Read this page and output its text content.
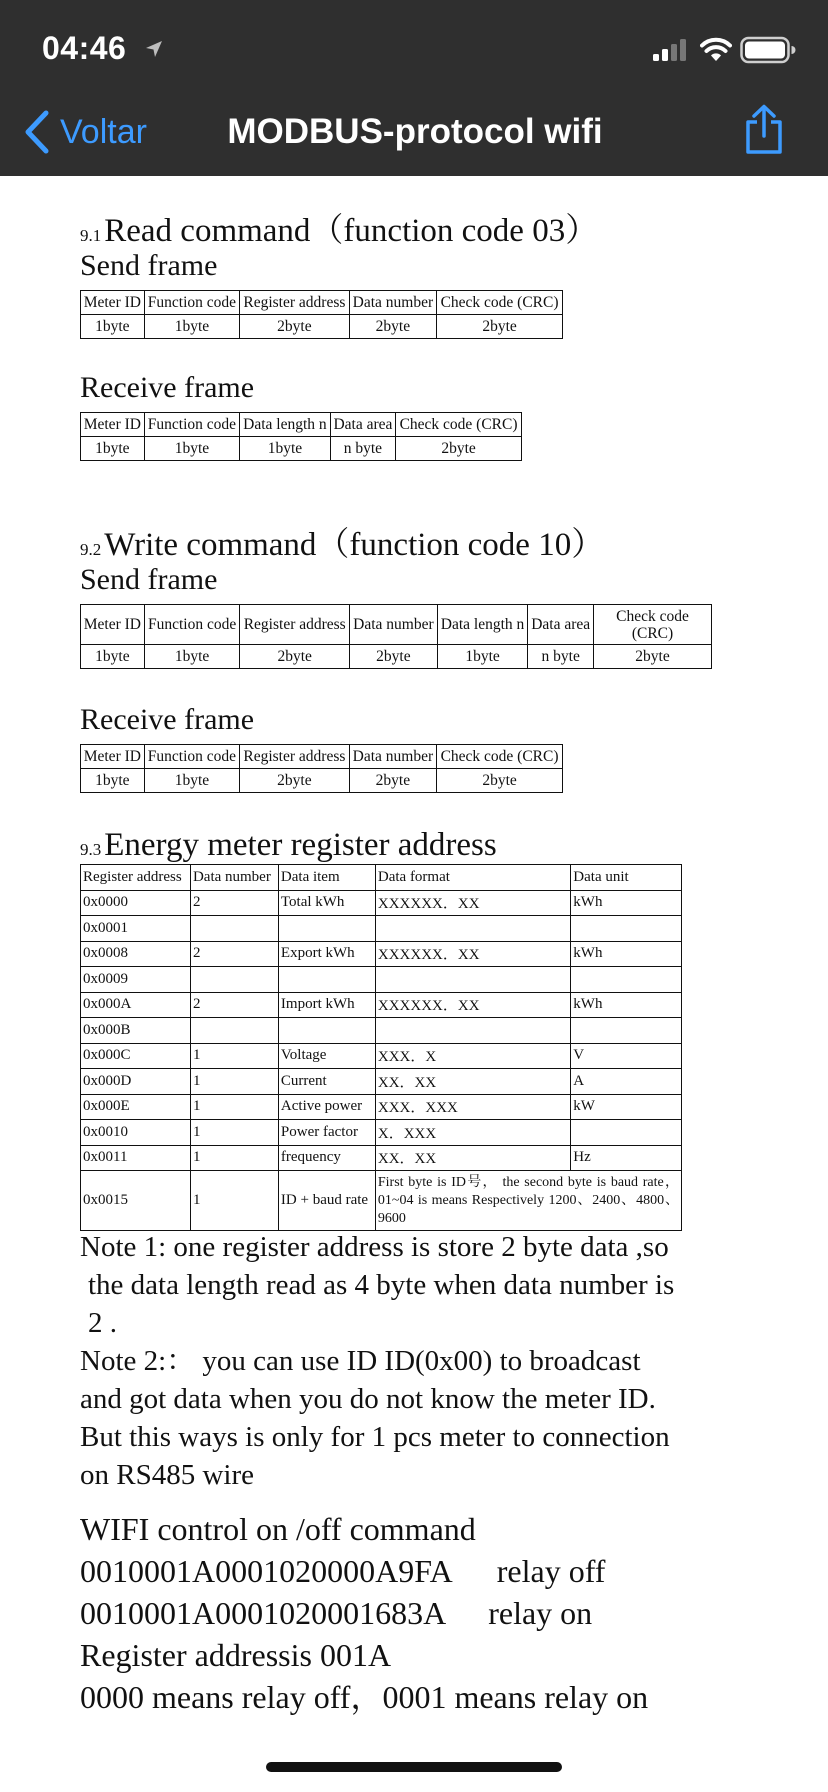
04:46
Voltar	MODBUS-protocol wifi
9.1Read command（function code 03）
Send frame
Meter ID	Function code	Register address	Data number	Check code (CRC)
1byte	1byte	2byte	2byte	2byte
Receive frame
Meter ID	Function code	Data length n	Data area	Check code (CRC)
1byte	1byte	1byte	n byte	2byte
9.2Write command（function code 10）
Send frame
Meter ID	Function code	Register address	Data number	Data length n	Data area	Check code (CRC)
1byte	1byte	2byte	2byte	1byte	n byte	2byte
Receive frame
Meter ID	Function code	Register address	Data number	Check code (CRC)
1byte	1byte	2byte	2byte	2byte
9.3Energy meter register address
Register address	Data number	Data item	Data format	Data unit
0x0000	2	Total kWh	XXXXXX．XX	kWh
0x0001				
0x0008	2	Export kWh	XXXXXX．XX	kWh
0x0009				
0x000A	2	Import kWh	XXXXXX．XX	kWh
0x000B				
0x000C	1	Voltage	XXX．X	V
0x000D	1	Current	XX．XX	A
0x000E	1	Active power	XXX．XXX	kW
0x0010	1	Power factor	X．XXX	
0x0011	1	frequency	XX．XX	Hz
0x0015	1	ID + baud rate	First byte is ID号， the second byte is baud rate， 01~04 is means Respectively 1200、2400、4800、9600	
Note 1: one register address is store 2 byte data ,so
the data length read as 4 byte when data number is
2 .
Note 2:： you can use ID ID(0x00) to broadcast
and got data when you do not know the meter ID.
But this ways is only for 1 pcs meter to connection
on RS485 wire
WIFI control on /off command
0010001A0001020000A9FA relay off
0010001A0001020001683A relay on
Register addressis 001A
0000 means relay off，0001 means relay on
